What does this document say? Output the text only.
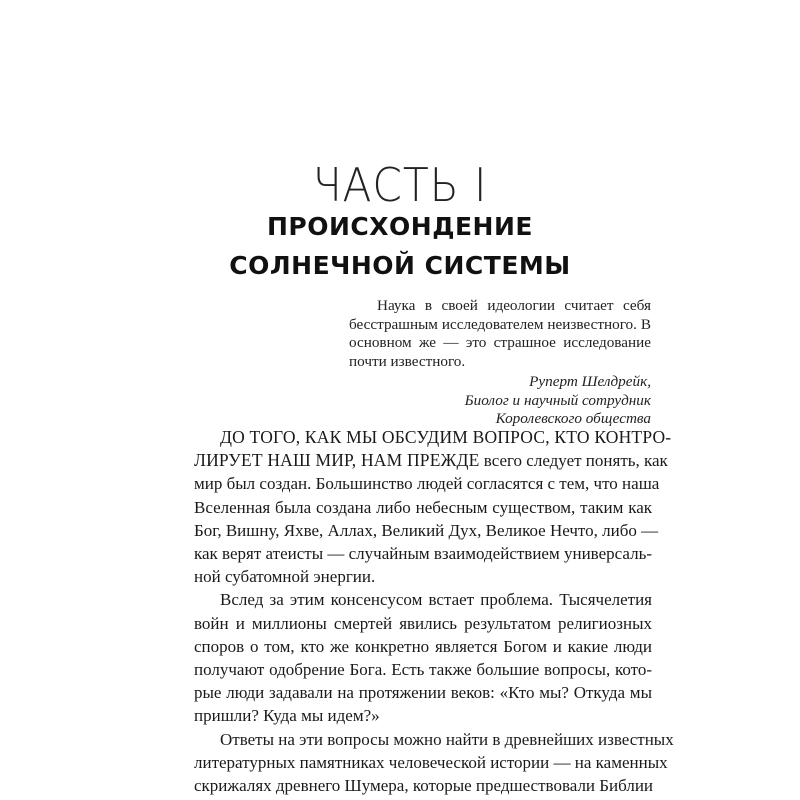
ЧАСТЬ I
ПРОИСХОНДЕНИЕ
СОЛНЕЧНОЙ СИСТЕМЫ
Наука в своей идеологии считает себя бесстрашным исследователем неизвестного. В основном же — это страшное исследование почти известного.
Руперт Шелдрейк,
Биолог и научный сотрудник
Королевского общества
ДО ТОГО, КАК МЫ ОБСУДИМ ВОПРОС, КТО КОНТРО-
ЛИРУЕТ НАШ МИР, НАМ ПРЕЖДЕ всего следует понять, как
мир был создан. Большинство людей согласятся с тем, что наша
Вселенная была создана либо небесным существом, таким как
Бог, Вишну, Яхве, Аллах, Великий Дух, Великое Нечто, либо —
как верят атеисты — случайным взаимодействием универсаль-
ной субатомной энергии.
Вслед за этим консенсусом встает проблема. Тысячелетия
войн и миллионы смертей явились результатом религиозных
споров о том, кто же конкретно является Богом и какие люди
получают одобрение Бога. Есть также большие вопросы, кото-
рые люди задавали на протяжении веков: «Кто мы? Откуда мы
пришли? Куда мы идем?»
Ответы на эти вопросы можно найти в древнейших известных
литературных памятниках человеческой истории — на каменных
скрижалях древнего Шумера, которые предшествовали Библии
